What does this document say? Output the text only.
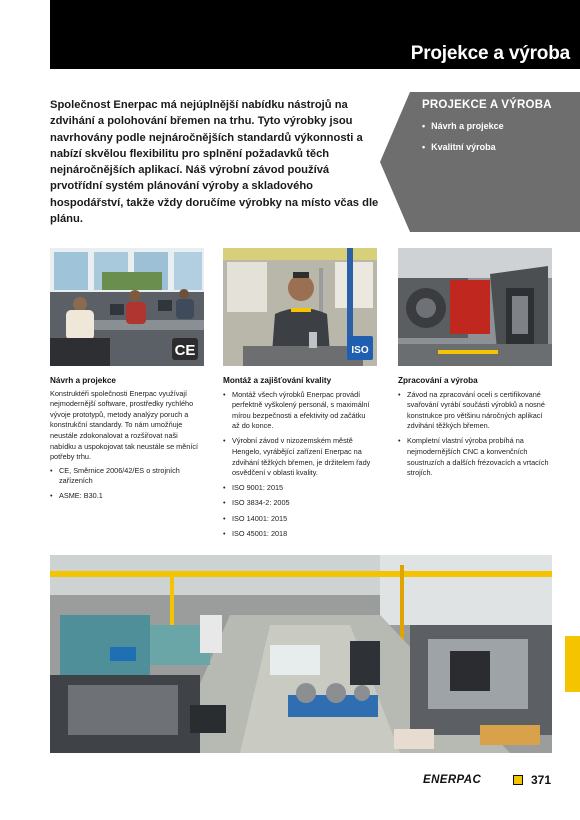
Projekce a výroba
Společnost Enerpac má nejúplnější nabídku nástrojů na zdvihání a polohování břemen na trhu. Tyto výrobky jsou navrhovány podle nejnáročnějších standardů výkonnosti a nabízí skvělou flexibilitu pro splnění požadavků těch nejnáročnějších aplikací. Náš výrobní závod používá prvotřídní systém plánování výroby a skladového hospodářství, takže vždy doručíme výrobky na místo včas dle plánu.
PROJEKCE A VÝROBA
• Návrh a projekce
• Kvalitní výroba
CE	ISO
Návrh a projekce
Konstruktéři společnosti Enerpac využívají nejmodernější software, prostředky rychlého vývoje prototypů, metody analýzy poruch a konstrukční standardy. To nám umožňuje neustále zdokonalovat a rozšiřovat naši nabídku a uspokojovat tak neustále se měnící potřeby trhu.
• CE, Směrnice 2006/42/ES o strojních zařízeních
• ASME: B30.1
Montáž a zajišťování kvality
• Montáž všech výrobků Enerpac provádí perfektně vyškolený personál, s maximální mírou bezpečnosti a efektivity od začátku až do konce.
• Výrobní závod v nizozemském městě Hengelo, vyrábějící zařízení Enerpac na zdvihání těžkých břemen, je držitelem řady osvědčení v oblasti kvality.
• ISO 9001: 2015
• ISO 3834-2: 2005
• ISO 14001: 2015
• ISO 45001: 2018
Zpracování a výroba
• Závod na zpracování oceli s certifikované svařování vyrábí součásti výrobků a nosné konstrukce pro většinu náročných aplikací zdvihání těžkých břemen.
• Kompletní vlastní výroba probíhá na nejmodernějších CNC a konvenčních soustruzích a dalších frézovacích a vrtacích strojích.
ENERPAC	371
